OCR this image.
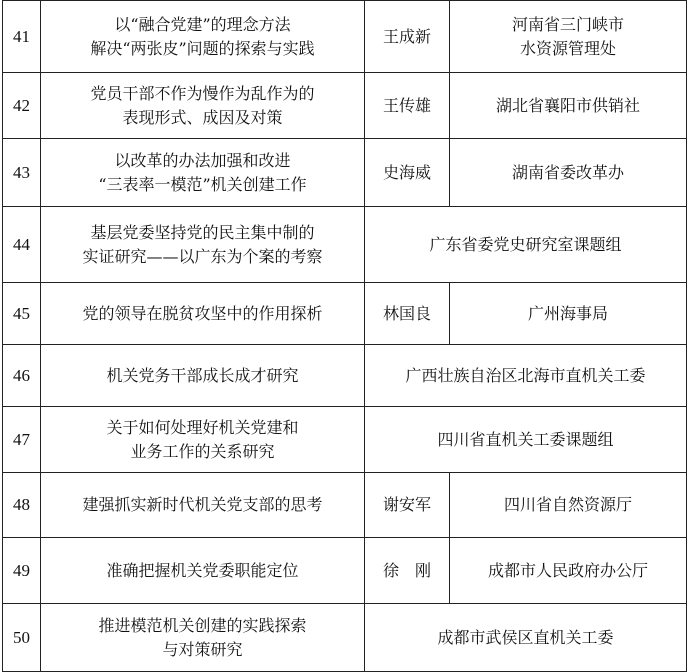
41	以“融合党建”的理念方法
解决“两张皮”问题的探索与实践	王成新	河南省三门峡市
水资源管理处

42	党员干部不作为慢作为乱作为的
表现形式、成因及对策	王传雄	湖北省襄阳市供销社

43	以改革的办法加强和改进
“三表率一模范”机关创建工作	史海威	湖南省委改革办

44	基层党委坚持党的民主集中制的
实证研究——以广东为个案的考察	广东省委党史研究室课题组	

45	党的领导在脱贫攻坚中的作用探析	林国良	广州海事局

46	机关党务干部成长成才研究	广西壮族自治区北海市直机关工委	

47	关于如何处理好机关党建和
业务工作的关系研究	四川省直机关工委课题组	

48	建强抓实新时代机关党支部的思考	谢安军	四川省自然资源厅

49	准确把握机关党委职能定位	徐　刚	成都市人民政府办公厅

50	推进模范机关创建的实践探索
与对策研究	成都市武侯区直机关工委	
